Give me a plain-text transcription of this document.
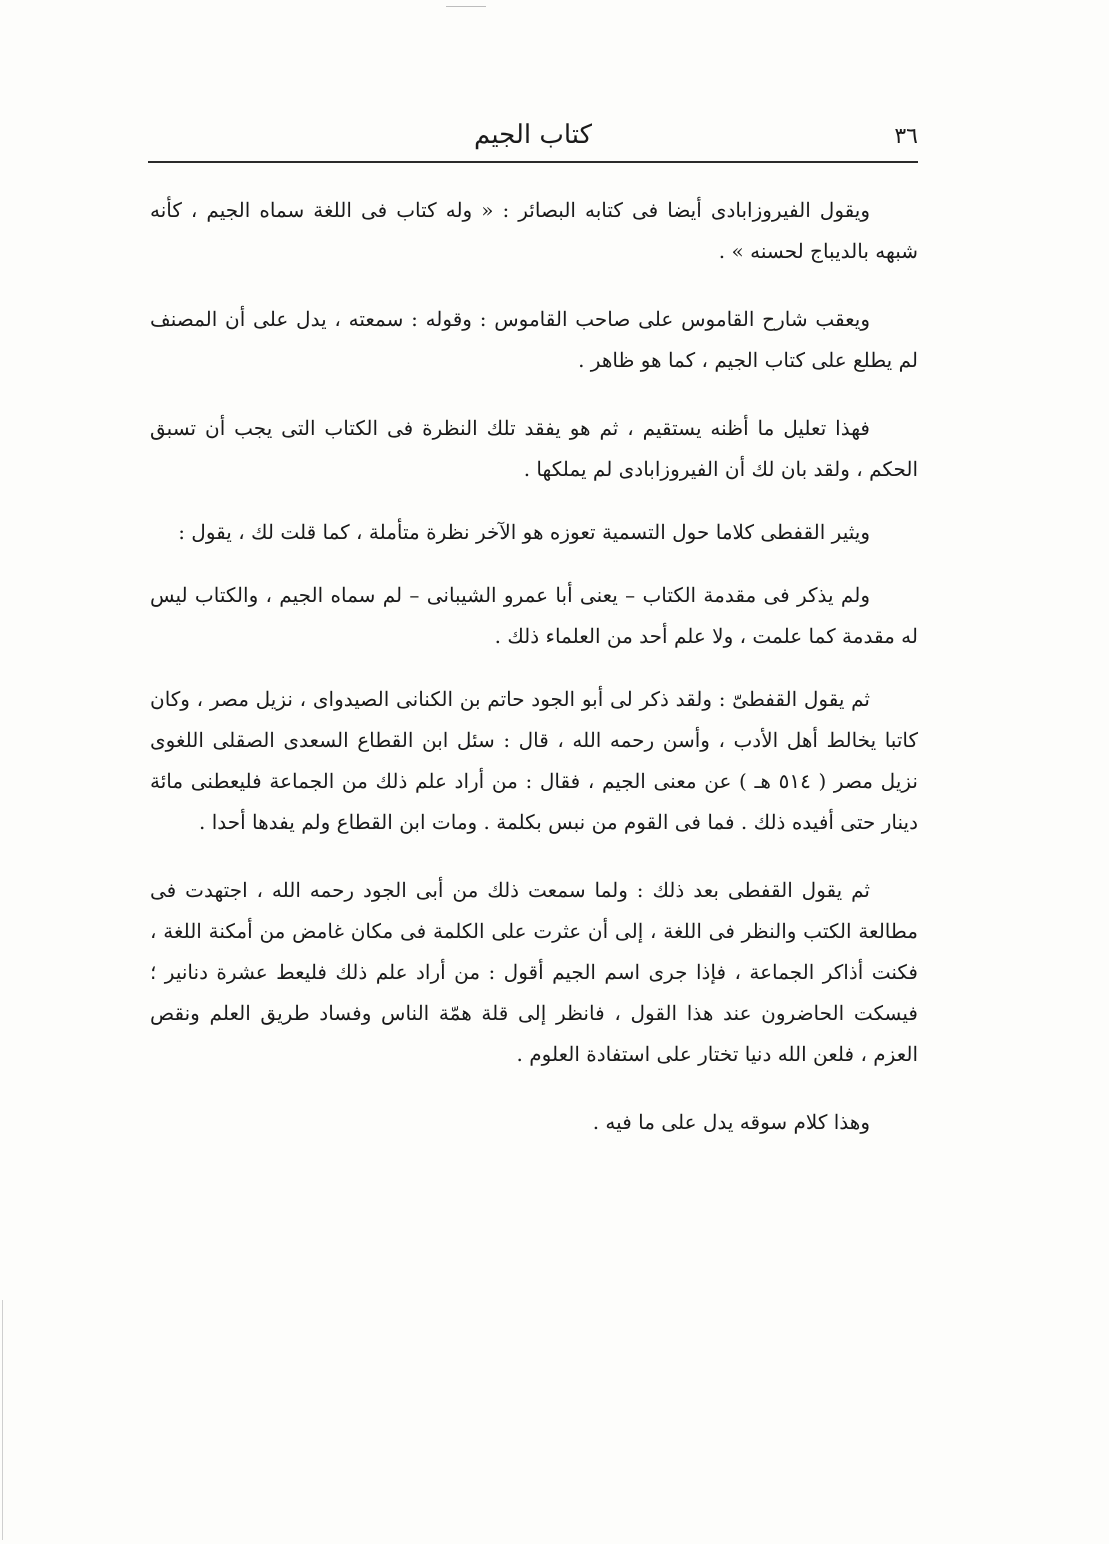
٣٦
كتاب الجيم

ويقول الفيروزابادى أيضا فى كتابه البصائر : « وله كتاب فى اللغة سماه الجيم ، كأنه شبهه بالديباج لحسنه » .

ويعقب شارح القاموس على صاحب القاموس : وقوله : سمعته ، يدل على أن المصنف لم يطلع على كتاب الجيم ، كما هو ظاهر .

فهذا تعليل ما أظنه يستقيم ، ثم هو يفقد تلك النظرة فى الكتاب التى يجب أن تسبق الحكم ، ولقد بان لك أن الفيروزابادى لم يملكها .

ويثير القفطى كلاما حول التسمية تعوزه هو الآخر نظرة متأملة ، كما قلت لك ، يقول :

ولم يذكر فى مقدمة الكتاب – يعنى أبا عمرو الشيبانى – لم سماه الجيم ، والكتاب ليس له مقدمة كما علمت ، ولا علم أحد من العلماء ذلك .

ثم يقول القفطىّ : ولقد ذكر لى أبو الجود حاتم بن الكنانى الصيدواى ، نزيل مصر ، وكان كاتبا يخالط أهل الأدب ، وأسن رحمه الله ، قال : سئل ابن القطاع السعدى الصقلى اللغوى نزيل مصر ( ٥١٤ هـ ) عن معنى الجيم ، فقال : من أراد علم ذلك من الجماعة فليعطنى مائة دينار حتى أفيده ذلك . فما فى القوم من نبس بكلمة . ومات ابن القطاع ولم يفدها أحدا .

ثم يقول القفطى بعد ذلك : ولما سمعت ذلك من أبى الجود رحمه الله ، اجتهدت فى مطالعة الكتب والنظر فى اللغة ، إلى أن عثرت على الكلمة فى مكان غامض من أمكنة اللغة ، فكنت أذاكر الجماعة ، فإذا جرى اسم الجيم أقول : من أراد علم ذلك فليعط عشرة دنانير ؛ فيسكت الحاضرون عند هذا القول ، فانظر إلى قلة همّة الناس وفساد طريق العلم ونقص العزم ، فلعن الله دنيا تختار على استفادة العلوم .

وهذا كلام سوقه يدل على ما فيه .
